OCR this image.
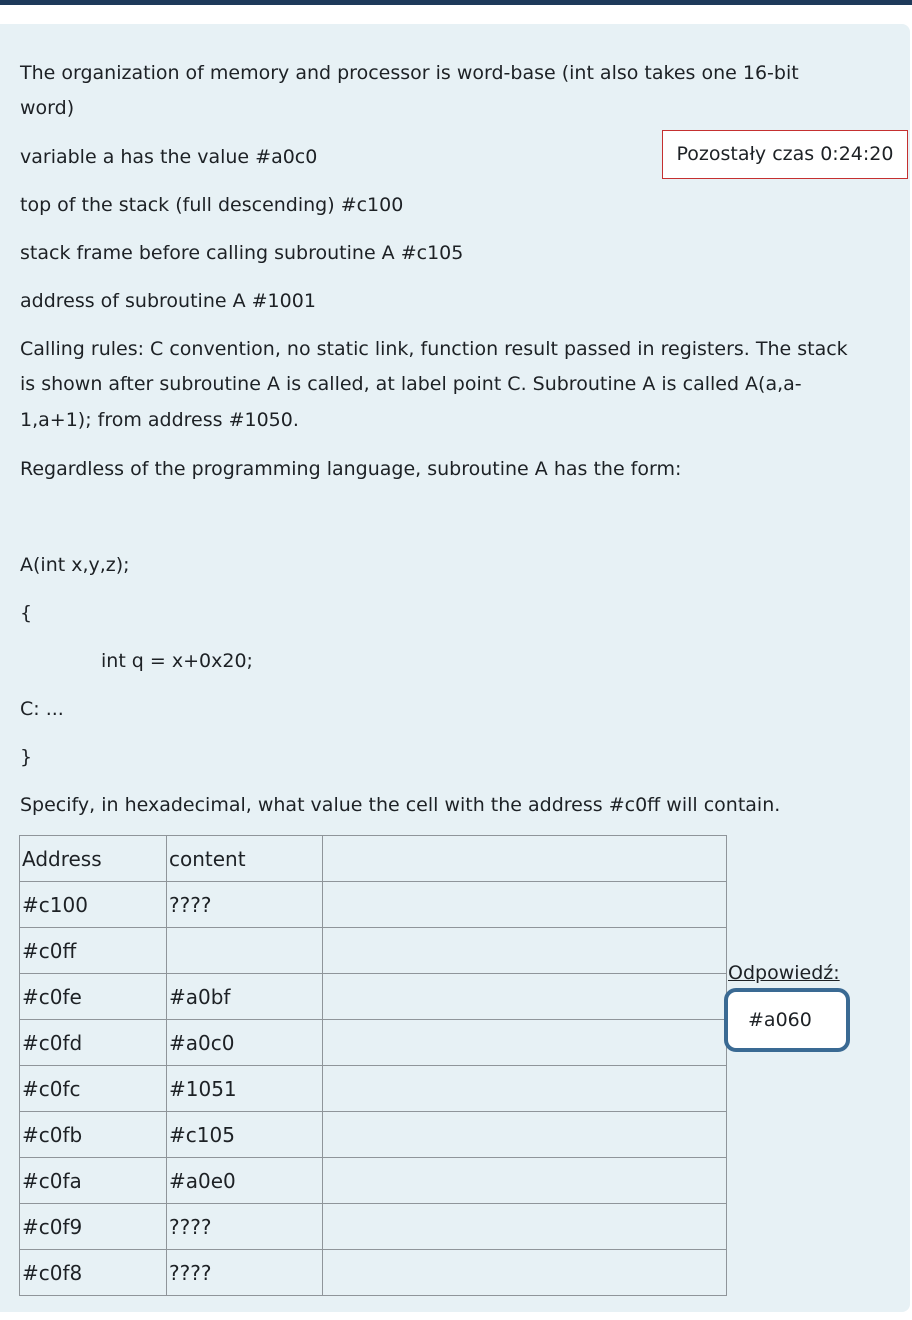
The organization of memory and processor is word-base (int also takes one 16-bit

word)

variable a has the value #a0c0

top of the stack (full descending) #c100

stack frame before calling subroutine A #c105

address of subroutine A #1001

Calling rules: C convention, no static link, function result passed in registers. The stack

is shown after subroutine A is called, at label point C. Subroutine A is called A(a,a-

1,a+1); from address #1050.

Regardless of the programming language, subroutine A has the form:

A(int x,y,z);

{

int q = x+0x20;

C: ...

}

Specify, in hexadecimal, what value the cell with the address #c0ff will contain.

Pozostały czas 0:24:20
Address	content	
#c100	????	
#c0ff		
#c0fe	#a0bf	
#c0fd	#a0c0	
#c0fc	#1051	
#c0fb	#c105	
#c0fa	#a0e0	
#c0f9	????	
#c0f8	????	
Odpowiedź:
#a060
